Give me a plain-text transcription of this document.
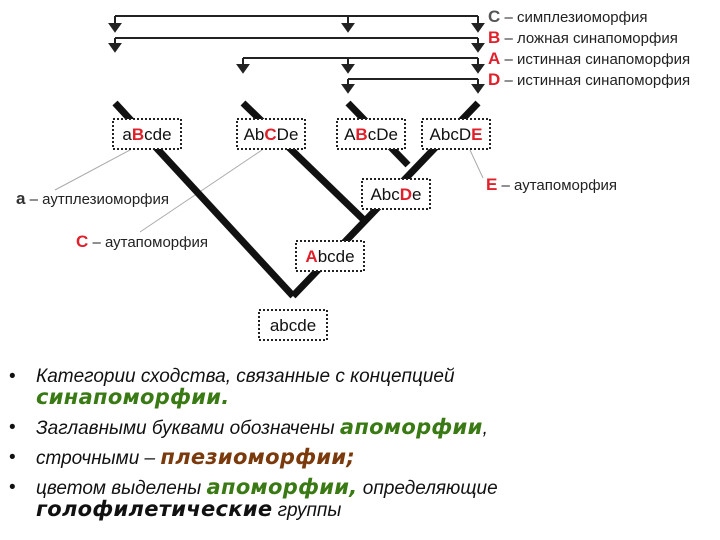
C – симплезиоморфия
B – ложная синапоморфия
A – истинная синапоморфия
D – истинная синапоморфия
aBcde	AbCDe	ABcDe AbcDE
AbcDe
Abcde
abcde
a – аутплезиоморфия
C – аутапоморфия
E – аутапоморфия
• Категории сходства, связанные с концепцией
синапоморфии.
• Заглавными буквами обозначены апоморфии,
• строчными – плезиоморфии;
• цветом выделены апоморфии, определяющие
голофилетические группы
